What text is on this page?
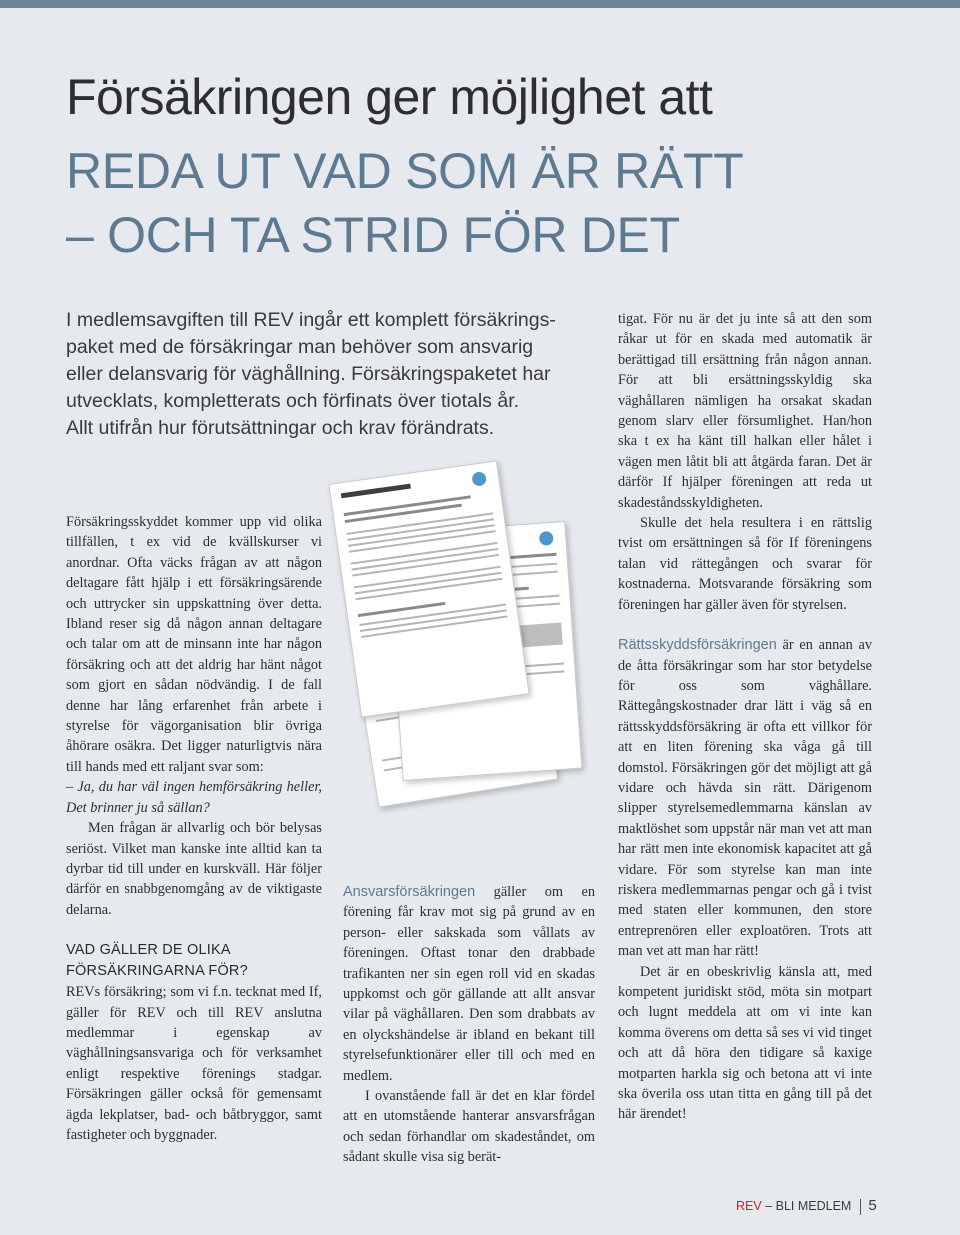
Försäkringen ger möjlighet att
REDA UT VAD SOM ÄR RÄTT
– OCH TA STRID FÖR DET
I medlemsavgiften till REV ingår ett komplett försäkrings-
paket med de försäkringar man behöver som ansvarig
eller delansvarig för väghållning. Försäkringspaketet har
utvecklats, kompletterats och förfinats över tiotals år.
Allt utifrån hur förutsättningar och krav förändrats.

Försäkringsskyddet kommer upp vid olika tillfällen, t ex vid de kvällskurser vi anordnar. Ofta väcks frågan av att någon deltagare fått hjälp i ett försäkringsärende och uttrycker sin uppskattning över detta. Ibland reser sig då någon annan deltagare och talar om att de minsann inte har någon försäkring och att det aldrig har hänt något som gjort en sådan nödvändig. I de fall denne har lång erfarenhet från arbete i styrelse för vägorganisation blir övriga åhörare osäkra. Det ligger naturligtvis nära till hands med ett raljant svar som:

– Ja, du har väl ingen hemförsäkring heller, Det brinner ju så sällan?

Men frågan är allvarlig och bör belysas seriöst. Vilket man kanske inte alltid kan ta dyrbar tid till under en kurskväll. Här följer därför en snabbgenomgång av de viktigaste delarna.

VAD GÄLLER DE OLIKA
FÖRSÄKRINGARNA FÖR?

REVs försäkring; som vi f.n. tecknat med If, gäller för REV och till REV anslutna medlemmar i egenskap av väghållningsansvariga och för verksamhet enligt respektive förenings stadgar. Försäkringen gäller också för gemensamt ägda lekplatser, bad- och båtbryggor, samt fastigheter och byggnader.

Ansvarsförsäkringen gäller om en förening får krav mot sig på grund av en person- eller sakskada som vållats av föreningen. Oftast tonar den drabbade trafikanten ner sin egen roll vid en skadas uppkomst och gör gällande att allt ansvar vilar på väghållaren. Den som drabbats av en olyckshändelse är ibland en bekant till styrelsefunktionärer eller till och med en medlem.

I ovanstående fall är det en klar fördel att en utomstående hanterar ansvarsfrågan och sedan förhandlar om skadeståndet, om sådant skulle visa sig berät-

tigat. För nu är det ju inte så att den som råkar ut för en skada med automatik är berättigad till ersättning från någon annan. För att bli ersättningsskyldig ska väghållaren nämligen ha orsakat skadan genom slarv eller försumlighet. Han/hon ska t ex ha känt till halkan eller hålet i vägen men låtit bli att åtgärda faran. Det är därför If hjälper föreningen att reda ut skadeståndsskyldigheten.

Skulle det hela resultera i en rättslig tvist om ersättningen så för If föreningens talan vid rättegången och svarar för kostnaderna. Motsvarande försäkring som föreningen har gäller även för styrelsen.

Rättsskyddsförsäkringen är en annan av de åtta försäkringar som har stor betydelse för oss som väghållare. Rättegångskostnader drar lätt i väg så en rättsskyddsförsäkring är ofta ett villkor för att en liten förening ska våga gå till domstol. Försäkringen gör det möjligt att gå vidare och hävda sin rätt. Därigenom slipper styrelsemedlemmarna känslan av maktlöshet som uppstår när man vet att man har rätt men inte ekonomisk kapacitet att gå vidare. För som styrelse kan man inte riskera medlemmarnas pengar och gå i tvist med staten eller kommunen, den store entreprenören eller exploatören. Trots att man vet att man har rätt!

Det är en obeskrivlig känsla att, med kompetent juridiskt stöd, möta sin motpart och lugnt meddela att om vi inte kan komma överens om detta så ses vi vid tinget och att då höra den tidigare så kaxige motparten harkla sig och betona att vi inte ska överila oss utan titta en gång till på det här ärendet!

REV – BLI MEDLEM 5
